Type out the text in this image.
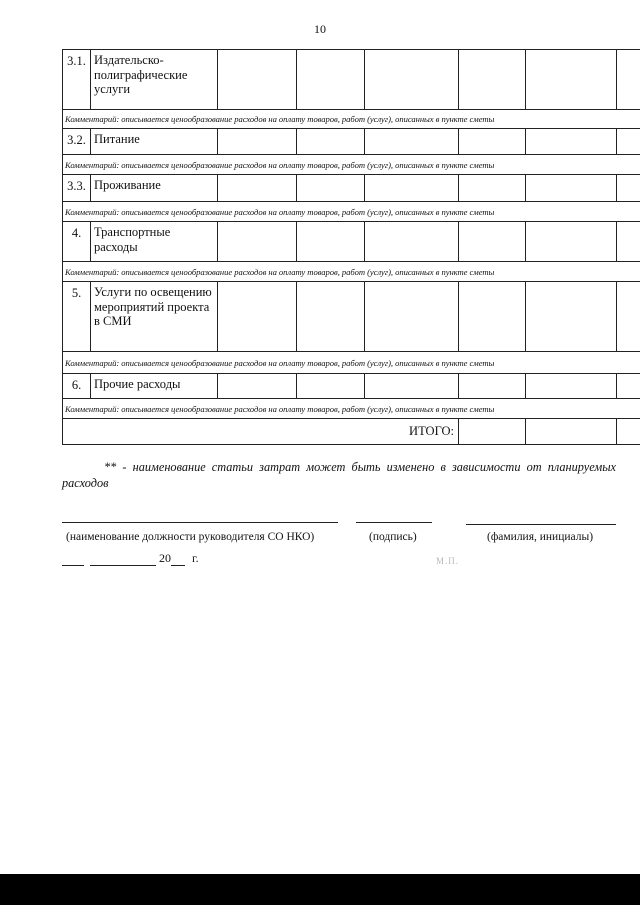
10
3.1.	Издательско-полиграфические услуги						
Комментарий: описывается ценообразование расходов на оплату товаров, работ (услуг), описанных в пункте сметы							
3.2.	Питание						
Комментарий: описывается ценообразование расходов на оплату товаров, работ (услуг), описанных в пункте сметы							
3.3.	Проживание						
Комментарий: описывается ценообразование расходов на оплату товаров, работ (услуг), описанных в пункте сметы							
4.	Транспортные расходы						
Комментарий: описывается ценообразование расходов на оплату товаров, работ (услуг), описанных в пункте сметы							
5.	Услуги по освещению мероприятий проекта в СМИ						
Комментарий: описывается ценообразование расходов на оплату товаров, работ (услуг), описанных в пункте сметы							
6.	Прочие расходы						
Комментарий: описывается ценообразование расходов на оплату товаров, работ (услуг), описанных в пункте сметы							
ИТОГО:							
** - наименование статьи затрат может быть изменено в зависимости от планируемых расходов
(наименование должности руководителя СО НКО)	(подпись)	(фамилия, инициалы)
20 г.	М.П.
